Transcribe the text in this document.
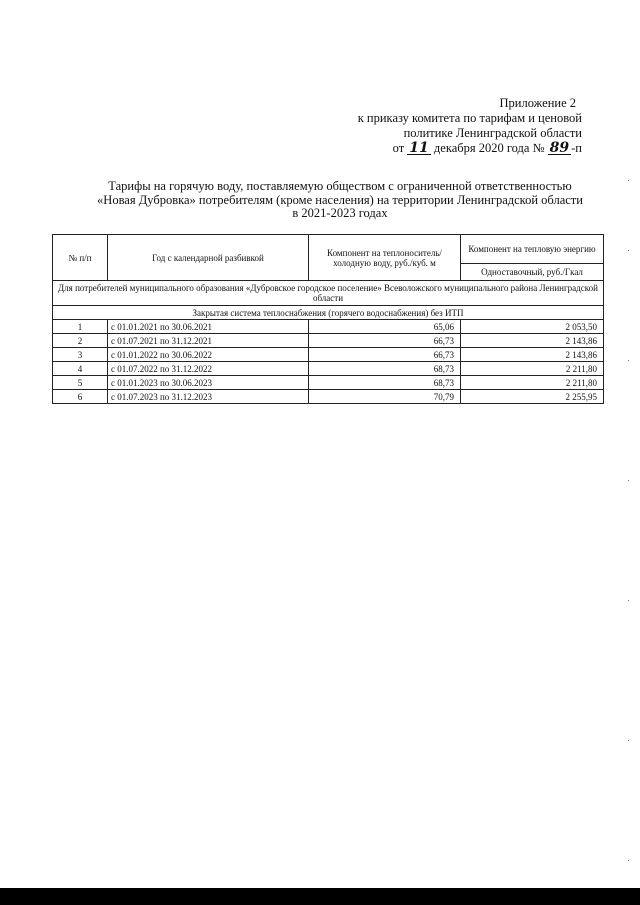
Приложение 2
к приказу комитета по тарифам и ценовой
политике Ленинградской области
от 11 декабря 2020 года № 89 -п
Тарифы на горячую воду, поставляемую обществом с ограниченной ответственностью
«Новая Дубровка» потребителям (кроме населения) на территории Ленинградской области
в 2021-2023 годах
№ п/п	Год с календарной разбивкой	Компонент на теплоноситель/ холодную воду, руб./куб. м	Компонент на тепловую энергию
			Одноставочный, руб./Гкал
Для потребителей муниципального образования «Дубровское городское поселение» Всеволожского муниципального района Ленинградской области			
Закрытая система теплоснабжения (горячего водоснабжения) без ИТП			
1	с 01.01.2021 по 30.06.2021	65,06	2 053,50
2	с 01.07.2021 по 31.12.2021	66,73	2 143,86
3	с 01.01.2022 по 30.06.2022	66,73	2 143,86
4	с 01.07.2022 по 31.12.2022	68,73	2 211,80
5	с 01.01.2023 по 30.06.2023	68,73	2 211,80
6	с 01.07.2023 по 31.12.2023	70,79	2 255,95
